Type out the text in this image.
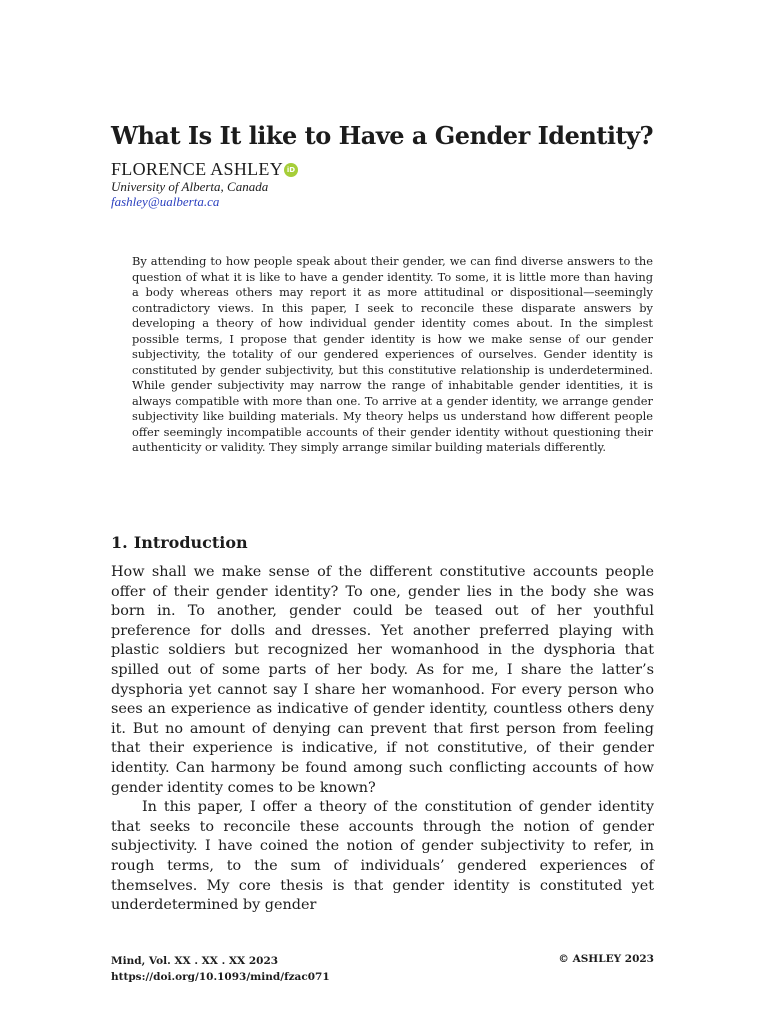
What Is It like to Have a Gender Identity?
FLORENCE ASHLEY iD
University of Alberta, Canada
fashley@ualberta.ca

By attending to how people speak about their gender, we can find diverse answers to the question of what it is like to have a gender identity. To some, it is little more than having a body whereas others may report it as more attitudinal or dispositional—seemingly contradictory views. In this paper, I seek to reconcile these disparate answers by developing a theory of how individual gender identity comes about. In the simplest possible terms, I propose that gender identity is how we make sense of our gender subjectivity, the totality of our gendered experiences of ourselves. Gender identity is constituted by gender subjectivity, but this constitutive relationship is underdetermined. While gender subjectivity may narrow the range of inhabitable gender identities, it is always compatible with more than one. To arrive at a gender identity, we arrange gender subjectivity like building materials. My theory helps us understand how different people offer seemingly incompatible accounts of their gender identity without questioning their authenticity or validity. They simply arrange similar building materials differently.

1. Introduction

How shall we make sense of the different constitutive accounts people offer of their gender identity? To one, gender lies in the body she was born in. To another, gender could be teased out of her youthful preference for dolls and dresses. Yet another preferred playing with plastic soldiers but recognized her womanhood in the dysphoria that spilled out of some parts of her body. As for me, I share the latter’s dysphoria yet cannot say I share her womanhood. For every person who sees an experience as indicative of gender identity, countless others deny it. But no amount of denying can prevent that first person from feeling that their experience is indicative, if not constitutive, of their gender identity. Can harmony be found among such conflicting accounts of how gender identity comes to be known?

In this paper, I offer a theory of the constitution of gender identity that seeks to reconcile these accounts through the notion of gender subjectivity. I have coined the notion of gender subjectivity to refer, in rough terms, to the sum of individuals’ gendered experiences of themselves. My core thesis is that gender identity is constituted yet underdetermined by gender

Mind, Vol. XX . XX . XX 2023
https://doi.org/10.1093/mind/fzac071
© ASHLEY 2023
